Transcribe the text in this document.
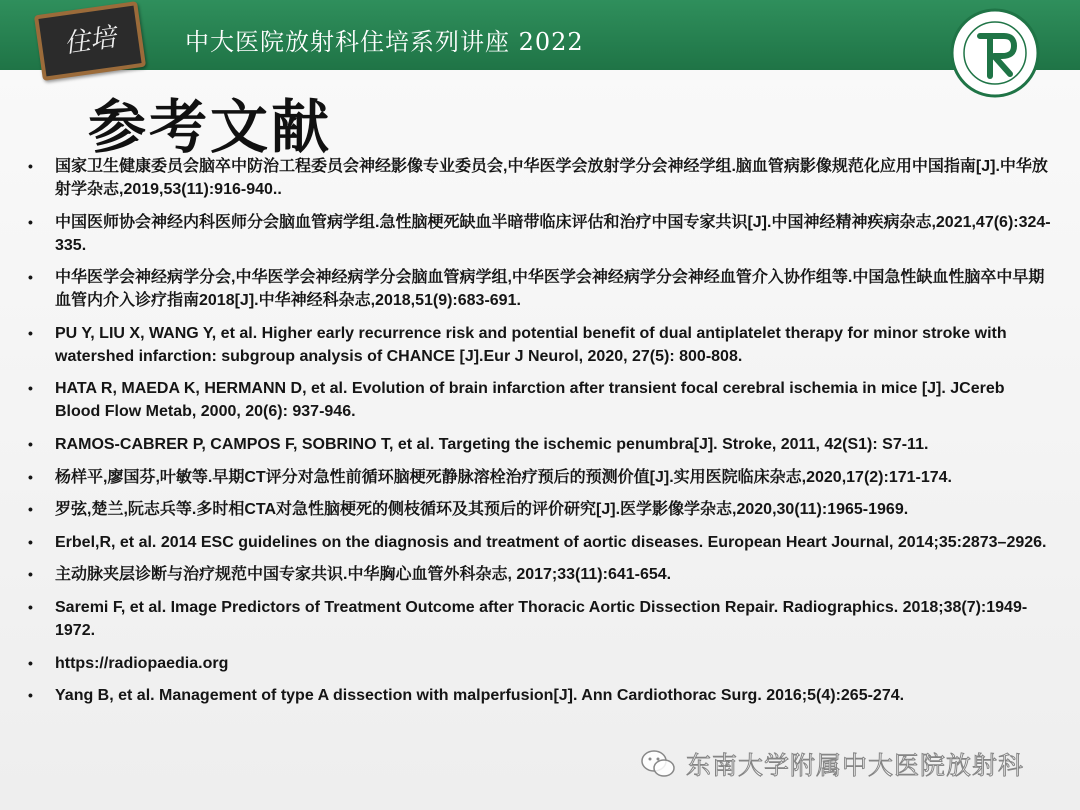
住培	中大医院放射科住培系列讲座 2022
参考文献
•	国家卫生健康委员会脑卒中防治工程委员会神经影像专业委员会,中华医学会放射学分会神经学组.脑血管病影像规范化应用中国指南[J].中华放射学杂志,2019,53(11):916-940..
•	中国医师协会神经内科医师分会脑血管病学组.急性脑梗死缺血半暗带临床评估和治疗中国专家共识[J].中国神经精神疾病杂志,2021,47(6):324-335.
•	中华医学会神经病学分会,中华医学会神经病学分会脑血管病学组,中华医学会神经病学分会神经血管介入协作组等.中国急性缺血性脑卒中早期血管内介入诊疗指南2018[J].中华神经科杂志,2018,51(9):683-691.
•	PU Y, LIU X, WANG Y, et al. Higher early recurrence risk and potential benefit of dual antiplatelet therapy for minor stroke with watershed infarction: subgroup analysis of CHANCE [J].Eur J Neurol, 2020, 27(5): 800-808.
•	HATA R, MAEDA K, HERMANN D, et al. Evolution of brain infarction after transient focal cerebral ischemia in mice [J]. JCereb Blood Flow Metab, 2000, 20(6): 937-946.
•	RAMOS-CABRER P, CAMPOS F, SOBRINO T, et al. Targeting the ischemic penumbra[J]. Stroke, 2011, 42(S1): S7-11.
•	杨样平,廖国芬,叶敏等.早期CT评分对急性前循环脑梗死静脉溶栓治疗预后的预测价值[J].实用医院临床杂志,2020,17(2):171-174.
•	罗弦,楚兰,阮志兵等.多时相CTA对急性脑梗死的侧枝循环及其预后的评价研究[J].医学影像学杂志,2020,30(11):1965-1969.
•	Erbel,R, et al. 2014 ESC guidelines on the diagnosis and treatment of aortic diseases. European Heart Journal, 2014;35:2873–2926.
•	主动脉夹层诊断与治疗规范中国专家共识.中华胸心血管外科杂志, 2017;33(11):641-654.
•	Saremi F, et al. Image Predictors of Treatment Outcome after Thoracic Aortic Dissection Repair. Radiographics. 2018;38(7):1949-1972.
•	https://radiopaedia.org
•	Yang B, et al. Management of type A dissection with malperfusion[J]. Ann Cardiothorac Surg. 2016;5(4):265-274.
东南大学附属中大医院放射科
